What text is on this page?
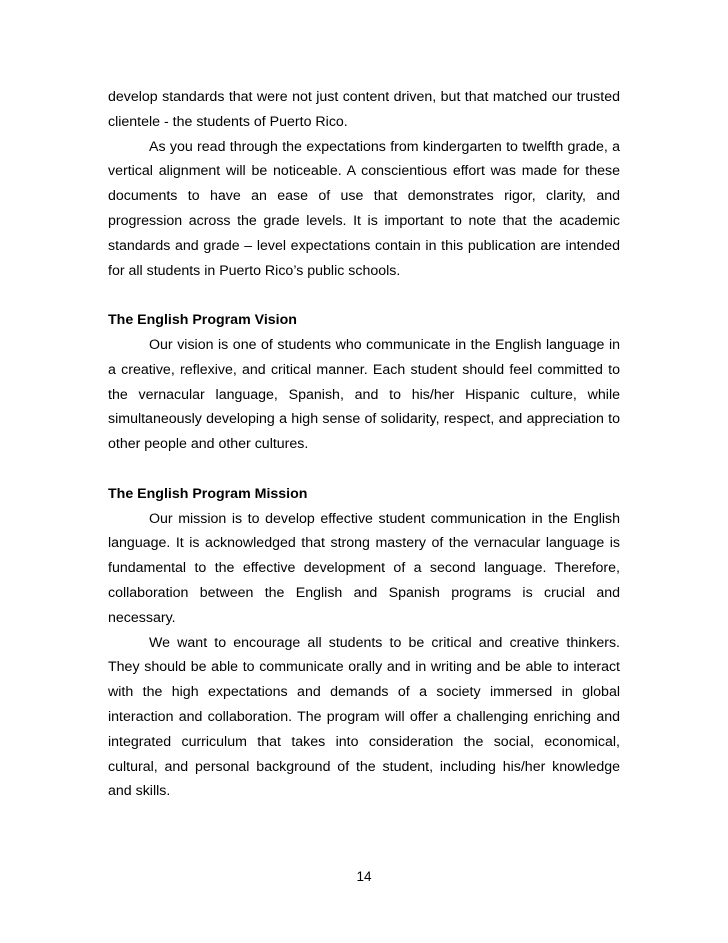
develop standards that were not just content driven, but that matched our trusted clientele - the students of Puerto Rico.

As you read through the expectations from kindergarten to twelfth grade, a vertical alignment will be noticeable. A conscientious effort was made for these documents to have an ease of use that demonstrates rigor, clarity, and progression across the grade levels. It is important to note that the academic standards and grade – level expectations contain in this publication are intended for all students in Puerto Rico’s public schools.

The English Program Vision

Our vision is one of students who communicate in the English language in a creative, reflexive, and critical manner. Each student should feel committed to the vernacular language, Spanish, and to his/her Hispanic culture, while simultaneously developing a high sense of solidarity, respect, and appreciation to other people and other cultures.

The English Program Mission

Our mission is to develop effective student communication in the English language. It is acknowledged that strong mastery of the vernacular language is fundamental to the effective development of a second language. Therefore, collaboration between the English and Spanish programs is crucial and necessary.

We want to encourage all students to be critical and creative thinkers. They should be able to communicate orally and in writing and be able to interact with the high expectations and demands of a society immersed in global interaction and collaboration. The program will offer a challenging enriching and integrated curriculum that takes into consideration the social, economical, cultural, and personal background of the student, including his/her knowledge and skills.

14
